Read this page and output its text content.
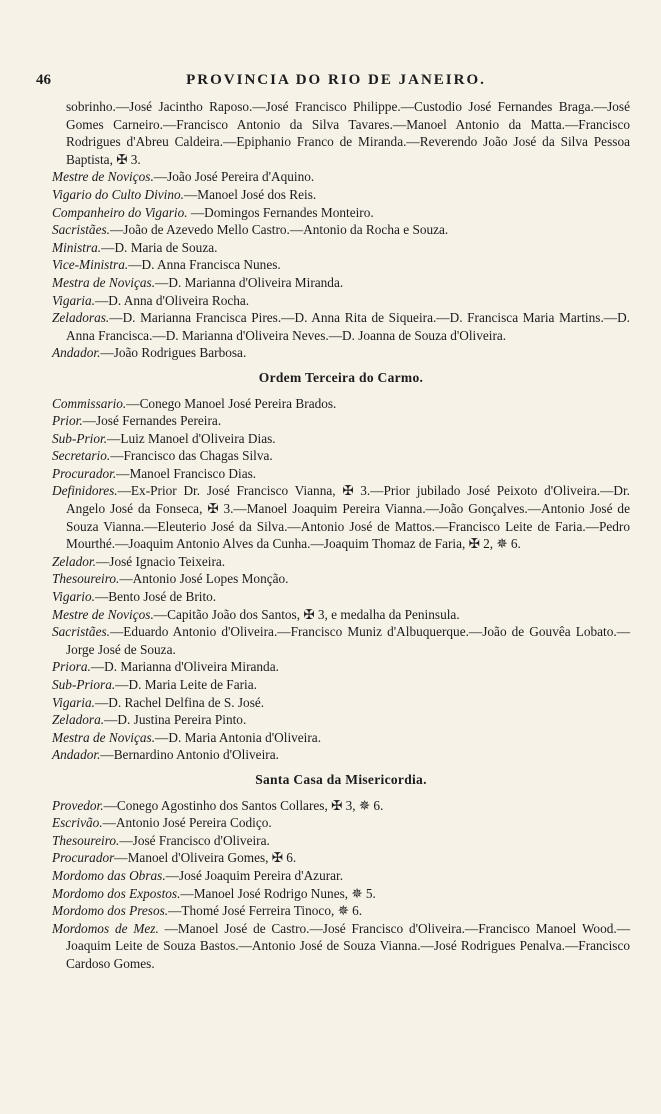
46	PROVINCIA DO RIO DE JANEIRO.

sobrinho.—José Jacintho Raposo.—José Francisco Philippe.—Custodio José Fernandes Braga.—José Gomes Carneiro.—Francisco Antonio da Silva Tavares.—Manoel Antonio da Matta.—Francisco Rodrigues d'Abreu Caldeira.—Epiphanio Franco de Miranda.—Reverendo João José da Silva Pessoa Baptista, ✠ 3.

Mestre de Noviços.—João José Pereira d'Aquino.

Vigario do Culto Divino.—Manoel José dos Reis.

Companheiro do Vigario. —Domingos Fernandes Monteiro.

Sacristães.—João de Azevedo Mello Castro.—Antonio da Rocha e Souza.

Ministra.—D. Maria de Souza.

Vice-Ministra.—D. Anna Francisca Nunes.

Mestra de Noviças.—D. Marianna d'Oliveira Miranda.

Vigaria.—D. Anna d'Oliveira Rocha.

Zeladoras.—D. Marianna Francisca Pires.—D. Anna Rita de Siqueira.—D. Francisca Maria Martins.—D. Anna Francisca.—D. Marianna d'Oliveira Neves.—D. Joanna de Souza d'Oliveira.

Andador.—João Rodrigues Barbosa.

Ordem Terceira do Carmo.

Commissario.—Conego Manoel José Pereira Brados.

Prior.—José Fernandes Pereira.

Sub-Prior.—Luiz Manoel d'Oliveira Dias.

Secretario.—Francisco das Chagas Silva.

Procurador.—Manoel Francisco Dias.

Definidores.—Ex-Prior Dr. José Francisco Vianna, ✠ 3.—Prior jubilado José Peixoto d'Oliveira.—Dr. Angelo José da Fonseca, ✠ 3.—Manoel Joaquim Pereira Vianna.—João Gonçalves.—Antonio José de Souza Vianna.—Eleuterio José da Silva.—Antonio José de Mattos.—Francisco Leite de Faria.—Pedro Mourthé.—Joaquim Antonio Alves da Cunha.—Joaquim Thomaz de Faria, ✠ 2, ✵ 6.

Zelador.—José Ignacio Teixeira.

Thesoureiro.—Antonio José Lopes Monção.

Vigario.—Bento José de Brito.

Mestre de Noviços.—Capitão João dos Santos, ✠ 3, e medalha da Peninsula.

Sacristães.—Eduardo Antonio d'Oliveira.—Francisco Muniz d'Albuquerque.—João de Gouvêa Lobato.—Jorge José de Souza.

Priora.—D. Marianna d'Oliveira Miranda.

Sub-Priora.—D. Maria Leite de Faria.

Vigaria.—D. Rachel Delfina de S. José.

Zeladora.—D. Justina Pereira Pinto.

Mestra de Noviças.—D. Maria Antonia d'Oliveira.

Andador.—Bernardino Antonio d'Oliveira.

Santa Casa da Misericordia.

Provedor.—Conego Agostinho dos Santos Collares, ✠ 3, ✵ 6.

Escrivão.—Antonio José Pereira Codiço.

Thesoureiro.—José Francisco d'Oliveira.

Procurador—Manoel d'Oliveira Gomes, ✠ 6.

Mordomo das Obras.—José Joaquim Pereira d'Azurar.

Mordomo dos Expostos.—Manoel José Rodrigo Nunes, ✵ 5.

Mordomo dos Presos.—Thomé José Ferreira Tinoco, ✵ 6.

Mordomos de Mez. —Manoel José de Castro.—José Francisco d'Oliveira.—Francisco Manoel Wood.—Joaquim Leite de Souza Bastos.—Antonio José de Souza Vianna.—José Rodrigues Penalva.—Francisco Cardoso Gomes.
